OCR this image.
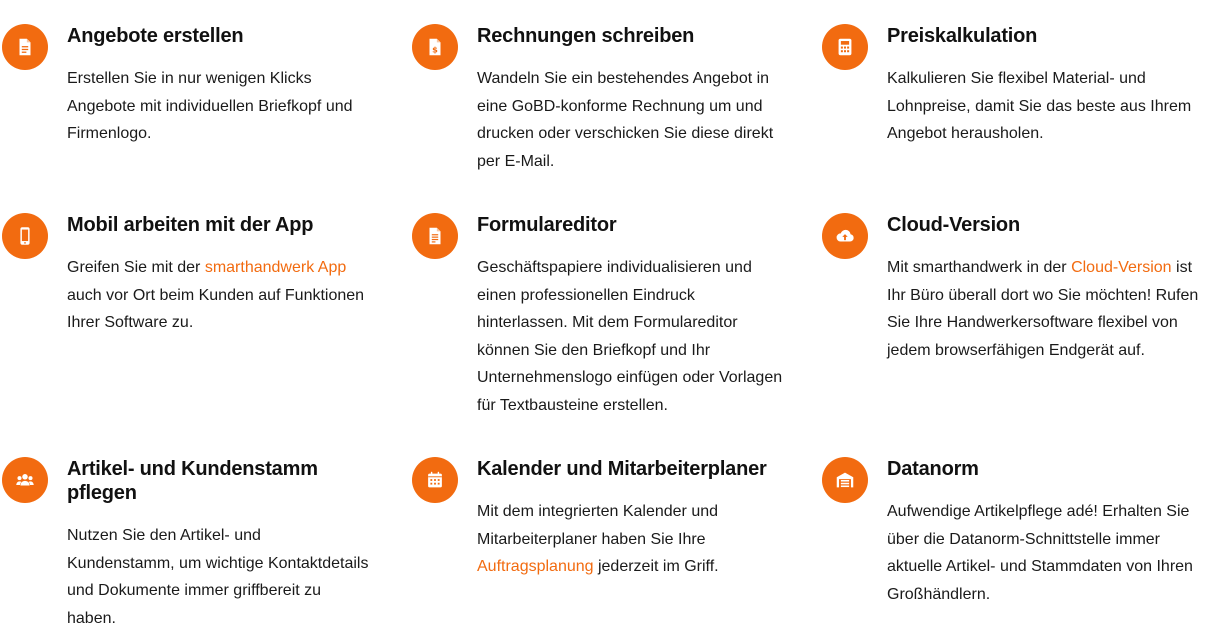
Angebote erstellen
Erstellen Sie in nur wenigen Klicks Angebote mit individuellen Briefkopf und Firmenlogo.
$
Rechnungen schreiben
Wandeln Sie ein bestehendes Angebot in eine GoBD-konforme Rechnung um und drucken oder verschicken Sie diese direkt per E-Mail.
Preiskalkulation
Kalkulieren Sie flexibel Material- und Lohnpreise, damit Sie das beste aus Ihrem Angebot herausholen.
Mobil arbeiten mit der App
Greifen Sie mit der smarthandwerk App auch vor Ort beim Kunden auf Funktionen Ihrer Software zu.
Formulareditor
Geschäftspapiere individualisieren und einen professionellen Eindruck hinterlassen. Mit dem Formulareditor können Sie den Briefkopf und Ihr Unternehmenslogo einfügen oder Vorlagen für Textbausteine erstellen.
Cloud-Version
Mit smarthandwerk in der Cloud-Version ist Ihr Büro überall dort wo Sie möchten! Rufen Sie Ihre Handwerkersoftware flexibel von jedem browserfähigen Endgerät auf.
Artikel- und Kundenstamm pflegen
Nutzen Sie den Artikel- und Kundenstamm, um wichtige Kontaktdetails und Dokumente immer griffbereit zu haben.
Kalender und Mitarbeiterplaner
Mit dem integrierten Kalender und Mitarbeiterplaner haben Sie Ihre Auftragsplanung jederzeit im Griff.
Datanorm
Aufwendige Artikelpflege adé! Erhalten Sie über die Datanorm-Schnittstelle immer aktuelle Artikel- und Stammdaten von Ihren Großhändlern.
